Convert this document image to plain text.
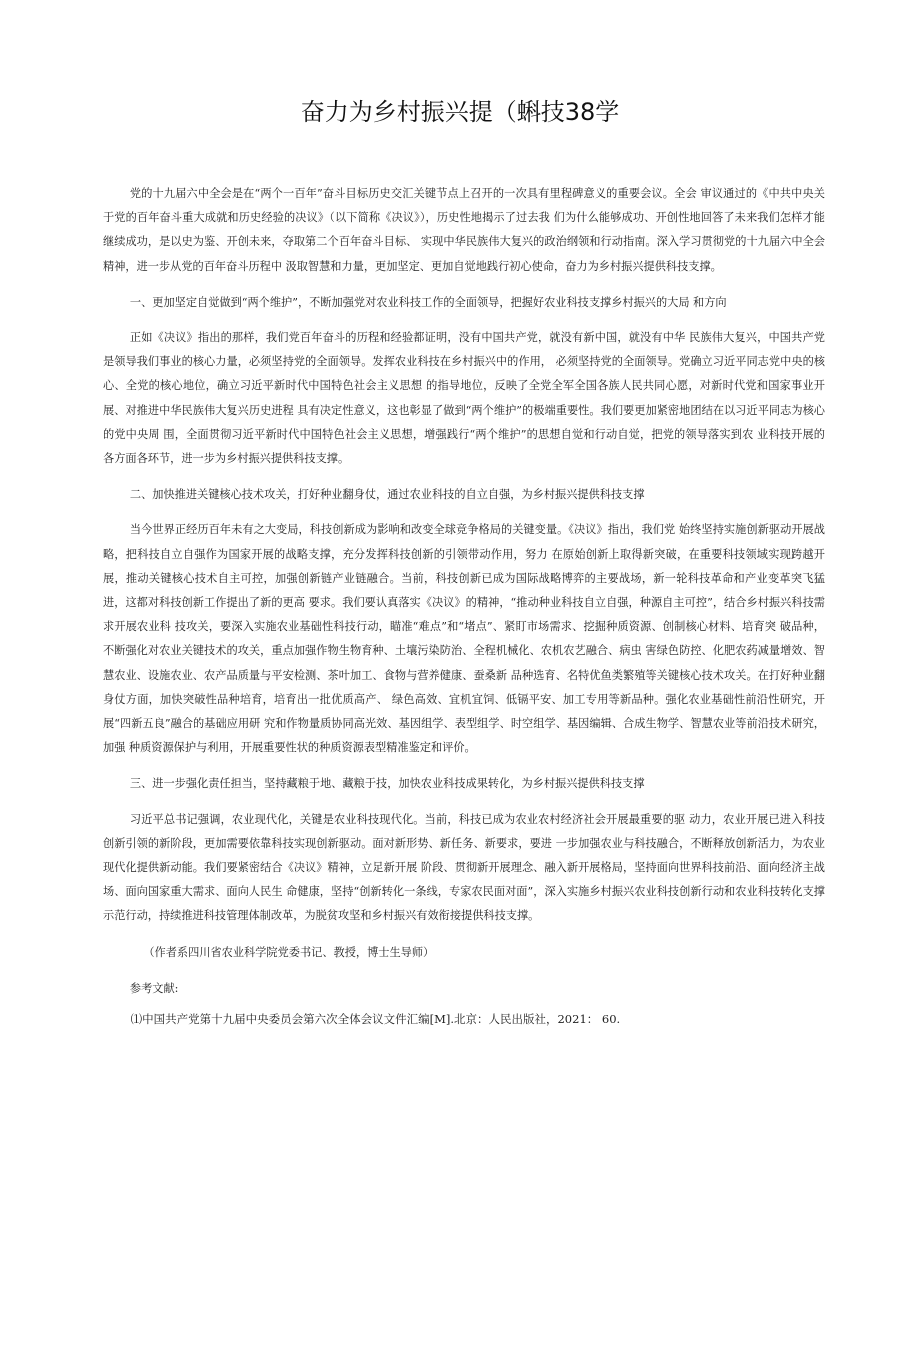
奋力为乡村振兴提（蝌技38学

党的十九届六中全会是在“两个一百年”奋斗目标历史交汇关键节点上召开的一次具有里程碑意义的重要会议。全会 审议通过的《中共中央关于党的百年奋斗重大成就和历史经验的决议》（以下简称《决议》），历史性地揭示了过去我 们为什么能够成功、开创性地回答了未来我们怎样才能继续成功，是以史为鉴、开创未来，夺取第二个百年奋斗目标、 实现中华民族伟大复兴的政治纲领和行动指南。深入学习贯彻党的十九届六中全会精神，进一步从党的百年奋斗历程中 汲取智慧和力量，更加坚定、更加自觉地践行初心使命，奋力为乡村振兴提供科技支撑。

一、更加坚定自觉做到“两个维护”，不断加强党对农业科技工作的全面领导，把握好农业科技支撑乡村振兴的大局 和方向

正如《决议》指出的那样，我们党百年奋斗的历程和经验都证明，没有中国共产党，就没有新中国，就没有中华 民族伟大复兴，中国共产党是领导我们事业的核心力量，必须坚持党的全面领导。发挥农业科技在乡村振兴中的作用， 必须坚持党的全面领导。党确立习近平同志党中央的核心、全党的核心地位，确立习近平新时代中国特色社会主义思想 的指导地位，反映了全党全军全国各族人民共同心愿，对新时代党和国家事业开展、对推进中华民族伟大复兴历史进程 具有决定性意义，这也彰显了做到“两个维护”的极端重要性。我们要更加紧密地团结在以习近平同志为核心的党中央周 围，全面贯彻习近平新时代中国特色社会主义思想，增强践行“两个维护”的思想自觉和行动自觉，把党的领导落实到农 业科技开展的各方面各环节，进一步为乡村振兴提供科技支撑。

二、加快推进关键核心技术攻关，打好种业翻身仗，通过农业科技的自立自强，为乡村振兴提供科技支撑

当今世界正经历百年未有之大变局，科技创新成为影响和改变全球竞争格局的关键变量。《决议》指出，我们党 始终坚持实施创新驱动开展战略，把科技自立自强作为国家开展的战略支撑，充分发挥科技创新的引领带动作用，努力 在原始创新上取得新突破，在重要科技领域实现跨越开展，推动关键核心技术自主可控，加强创新链产业链融合。当前，科技创新已成为国际战略博弈的主要战场，新一轮科技革命和产业变革突飞猛进，这都对科技创新工作提出了新的更高 要求。我们要认真落实《决议》的精神，“推动种业科技自立自强，种源自主可控”，结合乡村振兴科技需求开展农业科 技攻关，要深入实施农业基础性科技行动，瞄准“难点”和“堵点”、紧盯市场需求、挖掘种质资源、创制核心材料、培育突 破品种，不断强化对农业关键技术的攻关，重点加强作物生物育种、土壤污染防治、全程机械化、农机农艺融合、病虫 害绿色防控、化肥农药减量增效、智慧农业、设施农业、农产品质量与平安检测、茶叶加工、食物与营养健康、蚕桑新 品种选育、名特优鱼类繁殖等关键核心技术攻关。在打好种业翻身仗方面，加快突破性品种培育，培育出一批优质高产、 绿色高效、宜机宜饲、低镉平安、加工专用等新品种。强化农业基础性前沿性研究，开展“四新五良”融合的基础应用研 究和作物量质协同高光效、基因组学、表型组学、时空组学、基因编辑、合成生物学、智慧农业等前沿技术研究，加强 种质资源保护与利用，开展重要性状的种质资源表型精准鉴定和评价。

三、进一步强化责任担当，坚持藏粮于地、藏粮于技，加快农业科技成果转化，为乡村振兴提供科技支撑

习近平总书记强调，农业现代化，关键是农业科技现代化。当前，科技已成为农业农村经济社会开展最重要的驱 动力，农业开展已进入科技创新引领的新阶段，更加需要依靠科技实现创新驱动。面对新形势、新任务、新要求，要进 一步加强农业与科技融合，不断释放创新活力，为农业现代化提供新动能。我们要紧密结合《决议》精神，立足新开展 阶段、贯彻新开展理念、融入新开展格局，坚持面向世界科技前沿、面向经济主战场、面向国家重大需求、面向人民生 命健康，坚持“创新转化一条线，专家农民面对面”，深入实施乡村振兴农业科技创新行动和农业科技转化支撑示范行动，持续推进科技管理体制改革，为脱贫攻坚和乡村振兴有效衔接提供科技支撑。

（作者系四川省农业科学院党委书记、教授，博士生导师）

参考文献:

⑴中国共产党第十九届中央委员会第六次全体会议文件汇编[M].北京：人民出版社，2021： 60.
